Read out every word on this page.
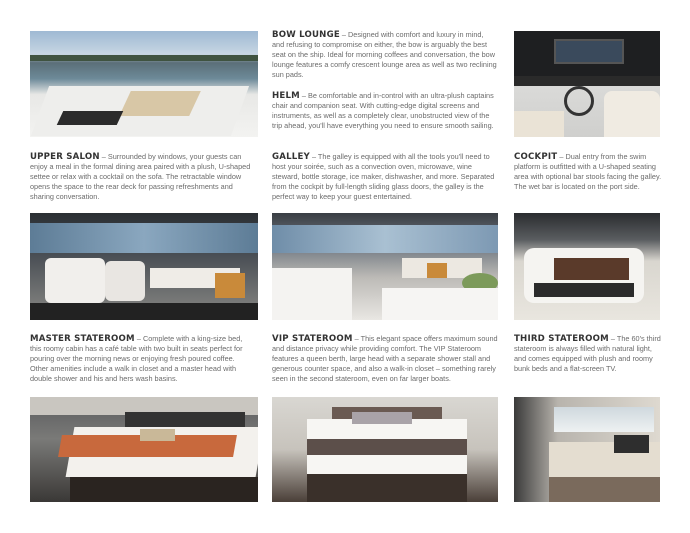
BOW LOUNGE – Designed with comfort and luxury in mind, and refusing to compromise on either, the bow is arguably the best seat on the ship. Ideal for morning coffees and conversation, the bow lounge features a comfy crescent lounge area as well as two reclining sun pads.
HELM – Be comfortable and in-control with an ultra-plush captains chair and companion seat. With cutting-edge digital screens and instruments, as well as a completely clear, unobstructed view of the trip ahead, you'll have everything you need to ensure smooth sailing.
UPPER SALON – Surrounded by windows, your guests can enjoy a meal in the formal dining area paired with a plush, U-shaped settee or relax with a cocktail on the sofa. The retractable window opens the space to the rear deck for passing refreshments and sharing conversation.
GALLEY – The galley is equipped with all the tools you'll need to host your soirée, such as a convection oven, microwave, wine steward, bottle storage, ice maker, dishwasher, and more. Separated from the cockpit by full-length sliding glass doors, the galley is the perfect way to keep your guest entertained.
COCKPIT – Dual entry from the swim platform is outfitted with a U-shaped seating area with optional bar stools facing the galley. The wet bar is located on the port side.
MASTER STATEROOM – Complete with a king-size bed, this roomy cabin has a café table with two built in seats perfect for pouring over the morning news or enjoying fresh poured coffee. Other amenities include a walk in closet and a master head with double shower and his and hers wash basins.
VIP STATEROOM – This elegant space offers maximum sound and distance privacy while providing comfort. The VIP Stateroom features a queen berth, large head with a separate shower stall and generous counter space, and also a walk-in closet – something rarely seen in the second stateroom, even on far larger boats.
THIRD STATEROOM – The 60's third stateroom is always filled with natural light, and comes equipped with plush and roomy bunk beds and a flat-screen TV.
